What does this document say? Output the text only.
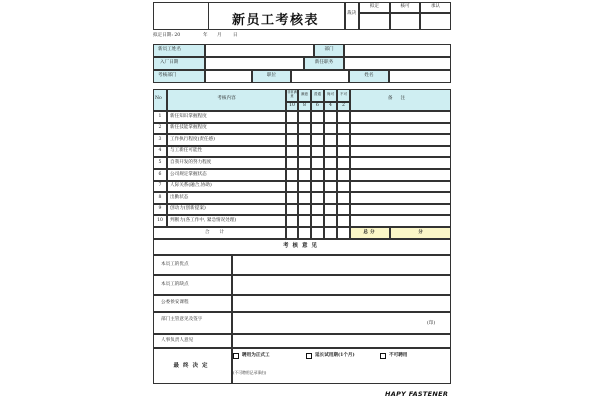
新员工考核表	裁决
拟定	核可	承认
拟定日期: 20	年 月 日
新员工姓名	部门
入厂日期	新任职务
考核部门	职位	姓名
No	考核内容
非常满意	满意	普通	尚可	不可
10	8	6	4	2
备注
1	新任知识掌握程度
2	新任技能掌握程度
3	工作执行程度(责任感)
4	与工新任可能性
5	自我开发的努力程度
6	公司规定掌握状态
7	人际关系(融合,协助)
8	出勤状态
9	创动力(创新提案)
10	判断力(各工作中, 紧急情况处理)
合计	总分	分
考核意见
本员工的优点
本员工的缺点
公委侯安课程
部门主管意见及签字
人事负责人意见
(印)
最终决定
聘用为正式工	延长试用期(1个月)	不可聘用
(不可聘用记录事由)
HAPY FASTENER
